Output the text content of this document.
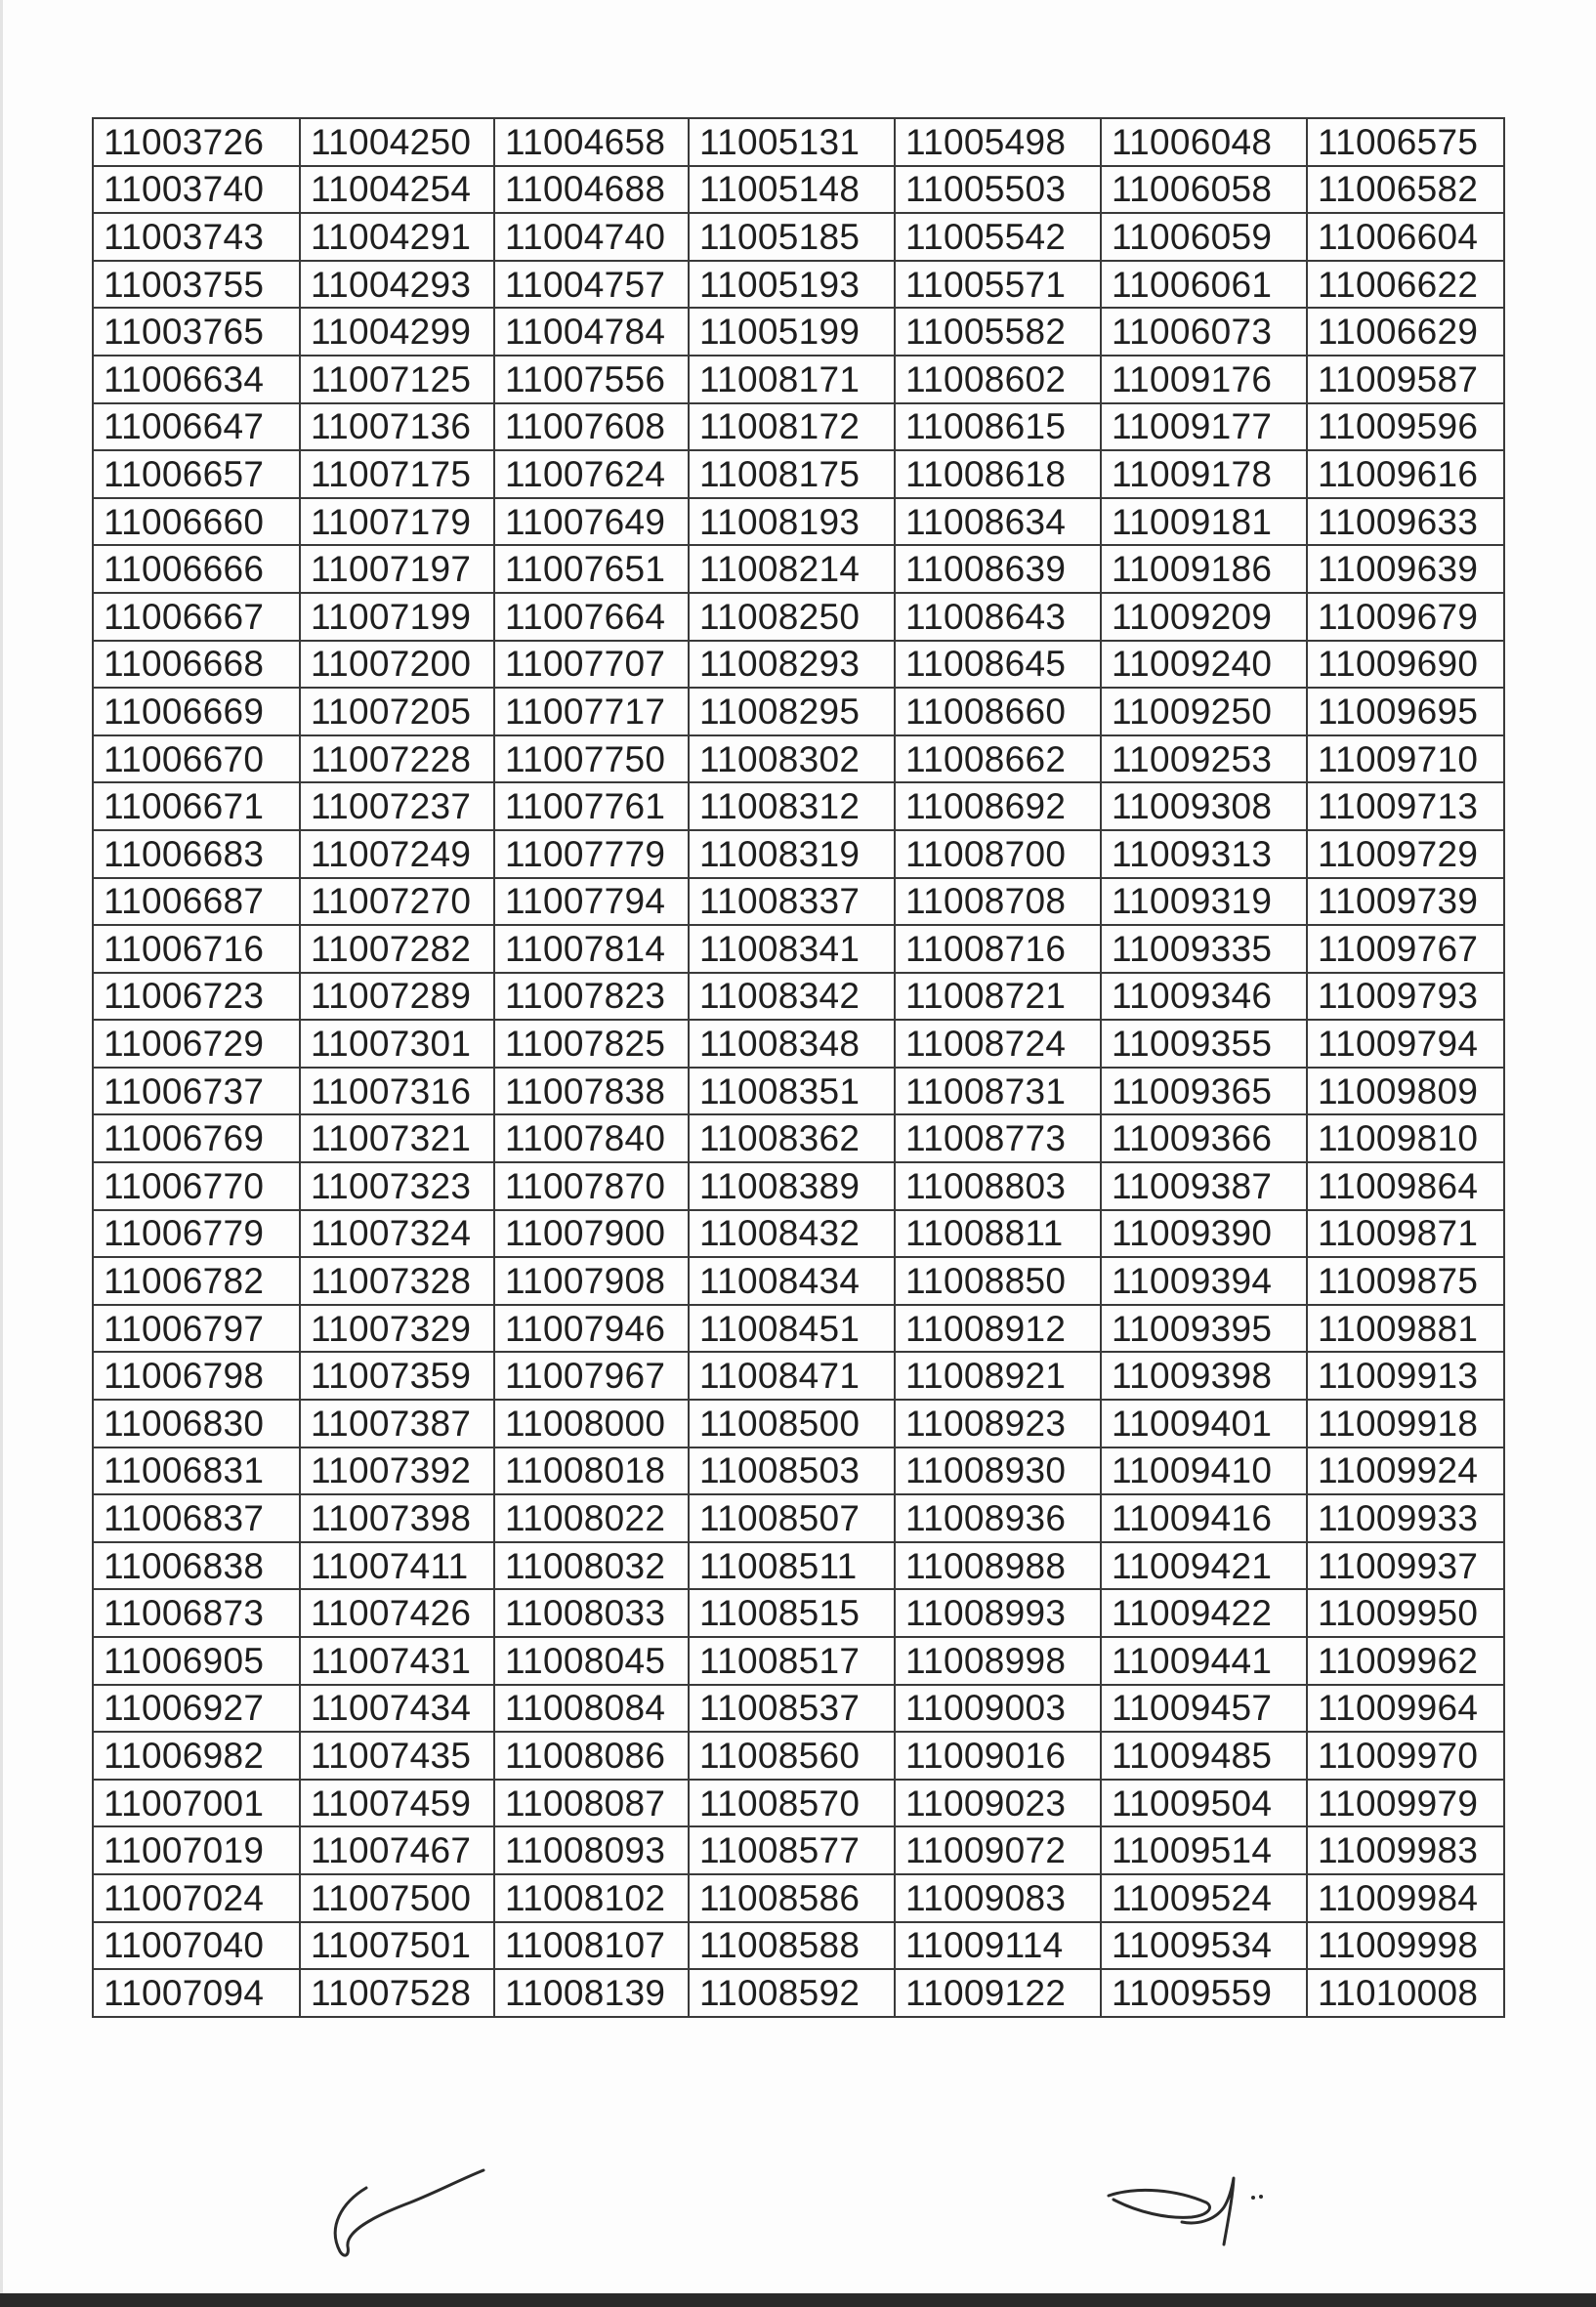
11003726	11004250	11004658	11005131	11005498	11006048	11006575
11003740	11004254	11004688	11005148	11005503	11006058	11006582
11003743	11004291	11004740	11005185	11005542	11006059	11006604
11003755	11004293	11004757	11005193	11005571	11006061	11006622
11003765	11004299	11004784	11005199	11005582	11006073	11006629
11006634	11007125	11007556	11008171	11008602	11009176	11009587
11006647	11007136	11007608	11008172	11008615	11009177	11009596
11006657	11007175	11007624	11008175	11008618	11009178	11009616
11006660	11007179	11007649	11008193	11008634	11009181	11009633
11006666	11007197	11007651	11008214	11008639	11009186	11009639
11006667	11007199	11007664	11008250	11008643	11009209	11009679
11006668	11007200	11007707	11008293	11008645	11009240	11009690
11006669	11007205	11007717	11008295	11008660	11009250	11009695
11006670	11007228	11007750	11008302	11008662	11009253	11009710
11006671	11007237	11007761	11008312	11008692	11009308	11009713
11006683	11007249	11007779	11008319	11008700	11009313	11009729
11006687	11007270	11007794	11008337	11008708	11009319	11009739
11006716	11007282	11007814	11008341	11008716	11009335	11009767
11006723	11007289	11007823	11008342	11008721	11009346	11009793
11006729	11007301	11007825	11008348	11008724	11009355	11009794
11006737	11007316	11007838	11008351	11008731	11009365	11009809
11006769	11007321	11007840	11008362	11008773	11009366	11009810
11006770	11007323	11007870	11008389	11008803	11009387	11009864
11006779	11007324	11007900	11008432	11008811	11009390	11009871
11006782	11007328	11007908	11008434	11008850	11009394	11009875
11006797	11007329	11007946	11008451	11008912	11009395	11009881
11006798	11007359	11007967	11008471	11008921	11009398	11009913
11006830	11007387	11008000	11008500	11008923	11009401	11009918
11006831	11007392	11008018	11008503	11008930	11009410	11009924
11006837	11007398	11008022	11008507	11008936	11009416	11009933
11006838	11007411	11008032	11008511	11008988	11009421	11009937
11006873	11007426	11008033	11008515	11008993	11009422	11009950
11006905	11007431	11008045	11008517	11008998	11009441	11009962
11006927	11007434	11008084	11008537	11009003	11009457	11009964
11006982	11007435	11008086	11008560	11009016	11009485	11009970
11007001	11007459	11008087	11008570	11009023	11009504	11009979
11007019	11007467	11008093	11008577	11009072	11009514	11009983
11007024	11007500	11008102	11008586	11009083	11009524	11009984
11007040	11007501	11008107	11008588	11009114	11009534	11009998
11007094	11007528	11008139	11008592	11009122	11009559	11010008
